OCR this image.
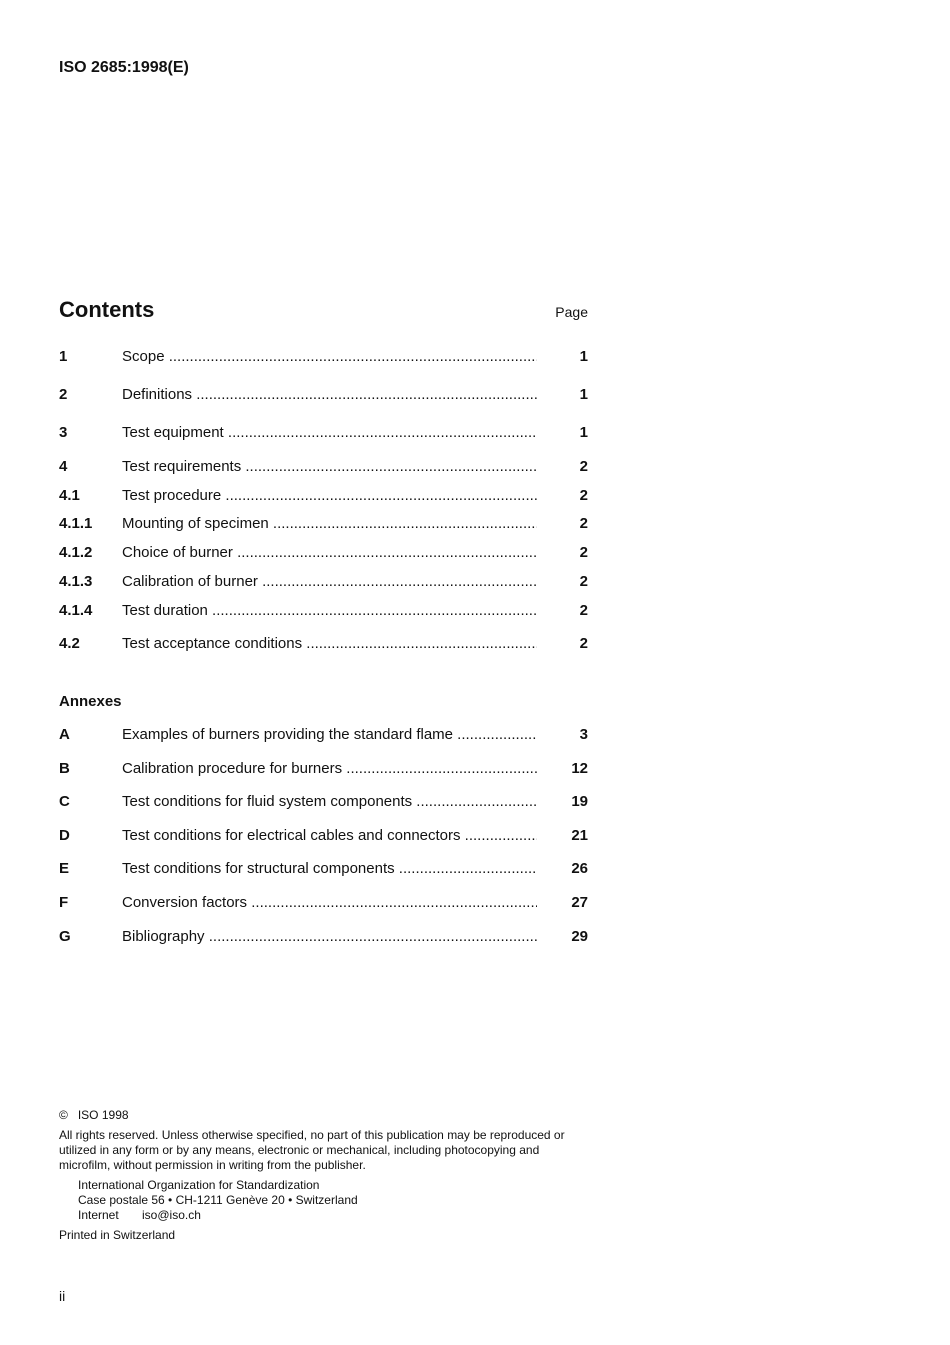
ISO 2685:1998(E)
Contents	Page
1	Scope .....	1
2	Definitions .....	1
3	Test equipment .....	1
4	Test requirements .....	2
4.1	Test procedure .....	2
4.1.1 Mounting of specimen .....	2
4.1.2 Choice of burner .....	2
4.1.3 Calibration of burner .....	2
4.1.4 Test duration .....	2
4.2	Test acceptance conditions .....	2
Annexes
A	Examples of burners providing the standard flame .....	3
B	Calibration procedure for burners .....	12
C	Test conditions for fluid system components .....	19
D	Test conditions for electrical cables and connectors .....	21
E	Test conditions for structural components .....	26
F	Conversion factors .....	27
G	Bibliography .....	29
©   ISO 1998
All rights reserved. Unless otherwise specified, no part of this publication may be reproduced or utilized in any form or by any means, electronic or mechanical, including photocopying and microfilm, without permission in writing from the publisher.
International Organization for Standardization
Case postale 56 • CH-1211 Genève 20 • Switzerland
Internet iso@iso.ch
Printed in Switzerland
ii
